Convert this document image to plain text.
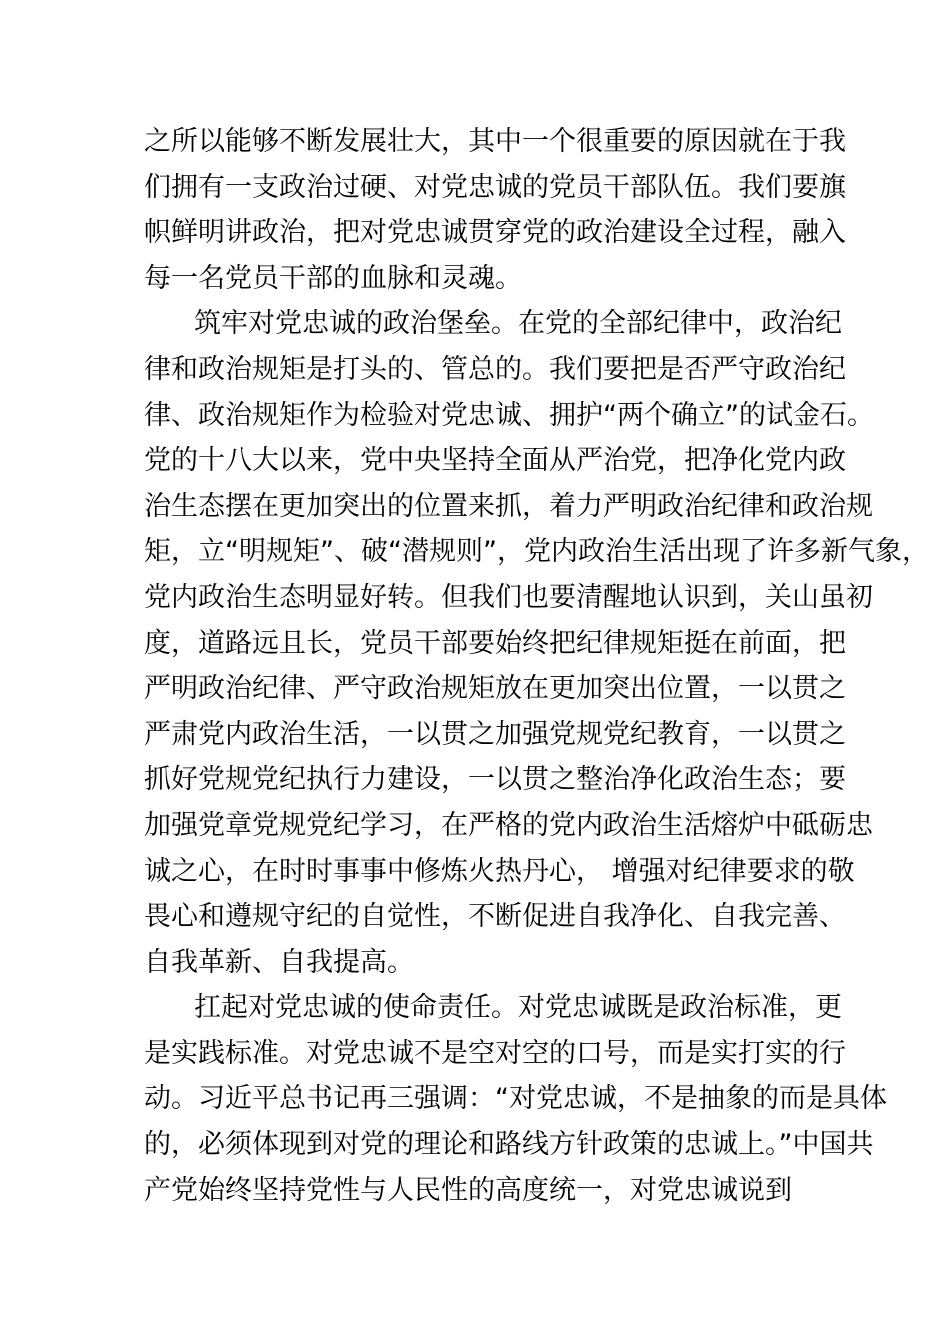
之所以能够不断发展壮大，其中一个很重要的原因就在于我
们拥有一支政治过硬、对党忠诚的党员干部队伍。我们要旗
帜鲜明讲政治，把对党忠诚贯穿党的政治建设全过程，融入
每一名党员干部的血脉和灵魂。
筑牢对党忠诚的政治堡垒。在党的全部纪律中，政治纪
律和政治规矩是打头的、管总的。我们要把是否严守政治纪
律、政治规矩作为检验对党忠诚、拥护“两个确立”的试金石。
党的十八大以来，党中央坚持全面从严治党，把净化党内政
治生态摆在更加突出的位置来抓，着力严明政治纪律和政治规
矩，立“明规矩”、破“潜规则”，党内政治生活出现了许多新气象，
党内政治生态明显好转。但我们也要清醒地认识到，关山虽初
度，道路远且长，党员干部要始终把纪律规矩挺在前面，把
严明政治纪律、严守政治规矩放在更加突出位置，一以贯之
严肃党内政治生活，一以贯之加强党规党纪教育，一以贯之
抓好党规党纪执行力建设，一以贯之整治净化政治生态；要
加强党章党规党纪学习，在严格的党内政治生活熔炉中砥砺忠
诚之心，在时时事事中修炼火热丹心， 增强对纪律要求的敬
畏心和遵规守纪的自觉性，不断促进自我净化、自我完善、
自我革新、自我提高。
扛起对党忠诚的使命责任。对党忠诚既是政治标准，更
是实践标准。对党忠诚不是空对空的口号，而是实打实的行
动。习近平总书记再三强调：“对党忠诚，不是抽象的而是具体
的，必须体现到对党的理论和路线方针政策的忠诚上。”中国共
产党始终坚持党性与人民性的高度统一，对党忠诚说到
